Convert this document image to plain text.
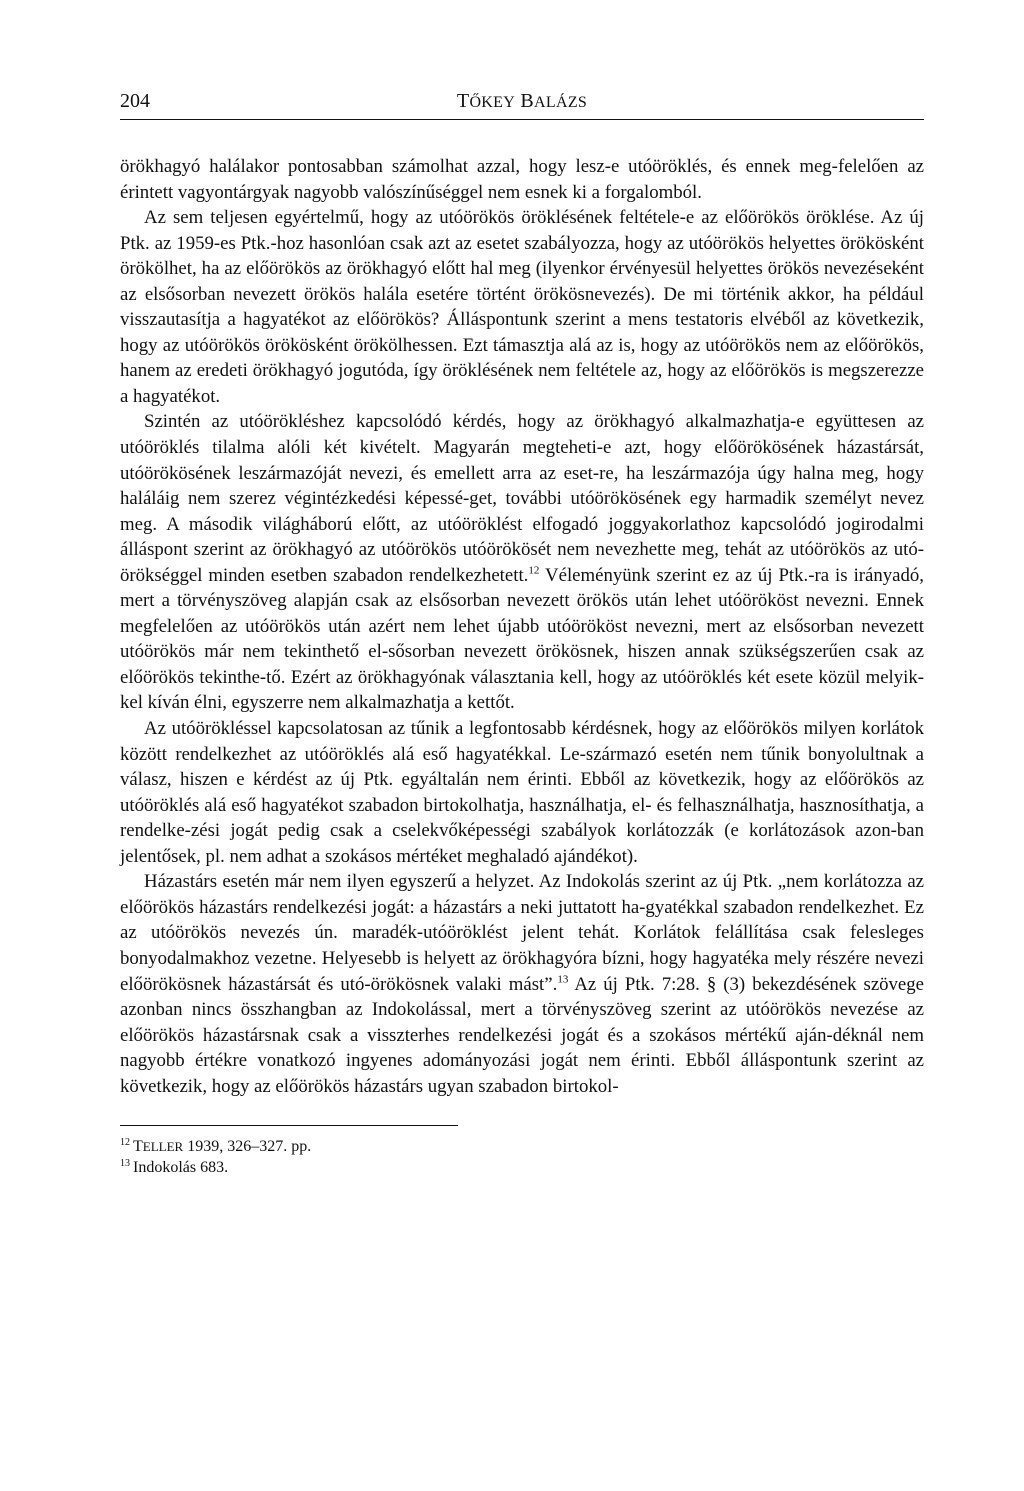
204	TŐKEY BALÁZS

örökhagyó halálakor pontosabban számolhat azzal, hogy lesz-e utóöröklés, és ennek meg-felelően az érintett vagyontárgyak nagyobb valószínűséggel nem esnek ki a forgalomból.

Az sem teljesen egyértelmű, hogy az utóörökös öröklésének feltétele-e az előörökös öröklése. Az új Ptk. az 1959-es Ptk.-hoz hasonlóan csak azt az esetet szabályozza, hogy az utóörökös helyettes örökösként örökölhet, ha az előörökös az örökhagyó előtt hal meg (ilyenkor érvényesül helyettes örökös nevezéseként az elsősorban nevezett örökös halála esetére történt örökösnevezés). De mi történik akkor, ha például visszautasítja a hagyatékot az előörökös? Álláspontunk szerint a mens testatoris elvéből az következik, hogy az utóörökös örökösként örökölhessen. Ezt támasztja alá az is, hogy az utóörökös nem az előörökös, hanem az eredeti örökhagyó jogutóda, így öröklésének nem feltétele az, hogy az előörökös is megszerezze a hagyatékot.

Szintén az utóörökléshez kapcsolódó kérdés, hogy az örökhagyó alkalmazhatja-e együttesen az utóöröklés tilalma alóli két kivételt. Magyarán megteheti-e azt, hogy előörökösének házastársát, utóörökösének leszármazóját nevezi, és emellett arra az eset-re, ha leszármazója úgy halna meg, hogy haláláig nem szerez végintézkedési képessé-get, további utóörökösének egy harmadik személyt nevez meg. A második világháború előtt, az utóöröklést elfogadó joggyakorlathoz kapcsolódó jogirodalmi álláspont szerint az örökhagyó az utóörökös utóörökösét nem nevezhette meg, tehát az utóörökös az utó-örökséggel minden esetben szabadon rendelkezhetett.$^{12}$ Véleményünk szerint ez az új Ptk.-ra is irányadó, mert a törvényszöveg alapján csak az elsősorban nevezett örökös után lehet utóörököst nevezni. Ennek megfelelően az utóörökös után azért nem lehet újabb utóörököst nevezni, mert az elsősorban nevezett utóörökös már nem tekinthető el-sősorban nevezett örökösnek, hiszen annak szükségszerűen csak az előörökös tekinthe-tő. Ezért az örökhagyónak választania kell, hogy az utóöröklés két esete közül melyik-kel kíván élni, egyszerre nem alkalmazhatja a kettőt.

Az utóörökléssel kapcsolatosan az tűnik a legfontosabb kérdésnek, hogy az előörökös milyen korlátok között rendelkezhet az utóöröklés alá eső hagyatékkal. Le-származó esetén nem tűnik bonyolultnak a válasz, hiszen e kérdést az új Ptk. egyáltalán nem érinti. Ebből az következik, hogy az előörökös az utóöröklés alá eső hagyatékot szabadon birtokolhatja, használhatja, el- és felhasználhatja, hasznosíthatja, a rendelke-zési jogát pedig csak a cselekvőképességi szabályok korlátozzák (e korlátozások azon-ban jelentősek, pl. nem adhat a szokásos mértéket meghaladó ajándékot).

Házastárs esetén már nem ilyen egyszerű a helyzet. Az Indokolás szerint az új Ptk. „nem korlátozza az előörökös házastárs rendelkezési jogát: a házastárs a neki juttatott ha-gyatékkal szabadon rendelkezhet. Ez az utóörökös nevezés ún. maradék-utóöröklést jelent tehát. Korlátok felállítása csak felesleges bonyodalmakhoz vezetne. Helyesebb is helyett az örökhagyóra bízni, hogy hagyatéka mely részére nevezi előörökösnek házastársát és utó-örökösnek valaki mást”.$^{13}$ Az új Ptk. 7:28. § (3) bekezdésének szövege azonban nincs összhangban az Indokolással, mert a törvényszöveg szerint az utóörökös nevezése az előörökös házastársnak csak a visszterhes rendelkezési jogát és a szokásos mértékű aján-déknál nem nagyobb értékre vonatkozó ingyenes adományozási jogát nem érinti. Ebből álláspontunk szerint az következik, hogy az előörökös házastárs ugyan szabadon birtokol-

$^{12}$ TELLER 1939, 326–327. pp.
$^{13}$ Indokolás 683.
